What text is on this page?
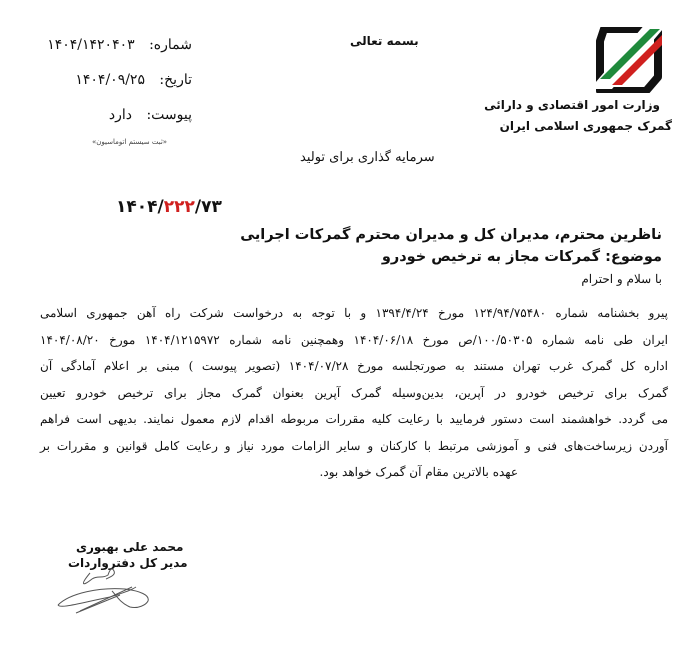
شماره: ۱۴۰۴/۱۴۲۰۴۰۳
تاریخ: ۱۴۰۴/۰۹/۲۵
پیوست: دارد
«ثبت سیستم اتوماسیون»
بسمه تعالی
وزارت امور اقتصادی و دارائی
گمرک جمهوری اسلامی ایران
سرمایه گذاری برای تولید
۱۴۰۴/۲۲۲/۷۳
ناظرین محترم، مدیران کل و مدیران محترم گمرکات اجرایی
موضوع: گمرکات مجاز به ترخیص خودرو
با سلام و احترام
پیرو بخشنامه شماره ۱۲۴/۹۴/۷۵۴۸۰ مورخ ۱۳۹۴/۴/۲۴ و با توجه به درخواست شرکت راه آهن جمهوری اسلامی
ایران طی نامه شماره ۱۰۰/۵۰۳۰۵/ص مورخ ۱۴۰۴/۰۶/۱۸ وهمچنین نامه شماره ۱۴۰۴/۱۲۱۵۹۷۲ مورخ ۱۴۰۴/۰۸/۲۰
اداره کل گمرک غرب تهران مستند به صورتجلسه مورخ ۱۴۰۴/۰۷/۲۸ (تصویر پیوست ) مبنی بر اعلام آمادگی آن
گمرک برای ترخیص خودرو در آپرین، بدین‌وسیله گمرک آپرین بعنوان گمرک مجاز برای ترخیص خودرو تعیین
می گردد. خواهشمند است دستور فرمایید با رعایت کلیه مقررات مربوطه اقدام لازم معمول نمایند. بدیهی است فراهم
آوردن زیرساخت‌های فنی و آموزشی مرتبط با کارکنان و سایر الزامات مورد نیاز و رعایت کامل قوانین و مقررات بر
عهده بالاترین مقام آن گمرک خواهد بود.
محمد علی بهبوری
مدیر کل دفترواردات
